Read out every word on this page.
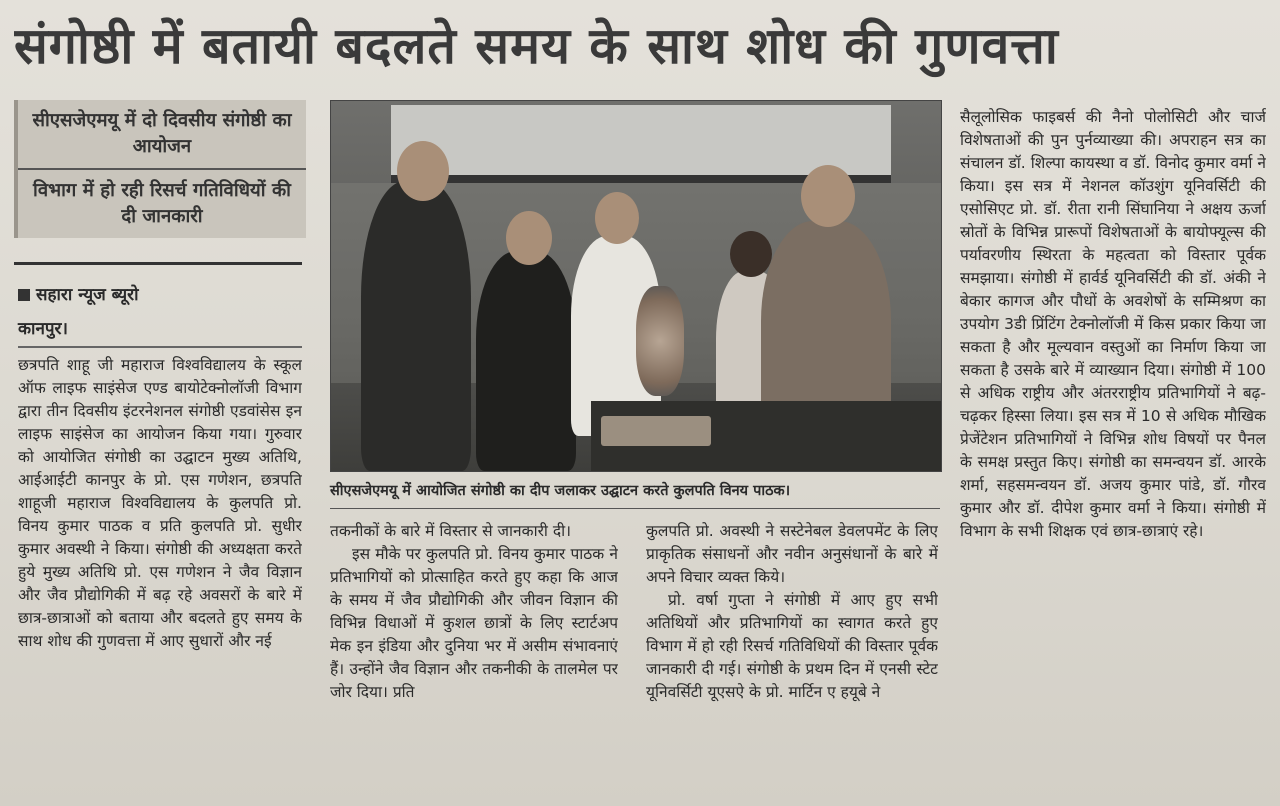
संगोष्ठी में बतायी बदलते समय के साथ शोध की गुणवत्ता
सीएसजेएमयू में दो दिवसीय संगोष्ठी का आयोजन
विभाग में हो रही रिसर्च गतिविधियों की दी जानकारी
सहारा न्यूज ब्यूरो
कानपुर।

छत्रपति शाहू जी महाराज विश्वविद्यालय के स्कूल ऑफ लाइफ साइंसेज एण्ड बायोटेक्नोलॉजी विभाग द्वारा तीन दिवसीय इंटरनेशनल संगोष्ठी एडवांसेस इन लाइफ साइंसेज का आयोजन किया गया। गुरुवार को आयोजित संगोष्ठी का उद्घाटन मुख्य अतिथि, आईआईटी कानपुर के प्रो. एस गणेशन, छत्रपति शाहूजी महाराज विश्वविद्यालय के कुलपति प्रो. विनय कुमार पाठक व प्रति कुलपति प्रो. सुधीर कुमार अवस्थी ने किया। संगोष्ठी की अध्यक्षता करते हुये मुख्य अतिथि प्रो. एस गणेशन ने जैव विज्ञान और जैव प्रौद्योगिकी में बढ़ रहे अवसरों के बारे में छात्र-छात्राओं को बताया और बदलते हुए समय के साथ शोध की गुणवत्ता में आए सुधारों और नई

सीएसजेएमयू में आयोजित संगोष्ठी का दीप जलाकर उद्घाटन करते कुलपति विनय पाठक।

तकनीकों के बारे में विस्तार से जानकारी दी।

इस मौके पर कुलपति प्रो. विनय कुमार पाठक ने प्रतिभागियों को प्रोत्साहित करते हुए कहा कि आज के समय में जैव प्रौद्योगिकी और जीवन विज्ञान की विभिन्न विधाओं में कुशल छात्रों के लिए स्टार्टअप मेक इन इंडिया और दुनिया भर में असीम संभावनाएं हैं। उन्होंने जैव विज्ञान और तकनीकी के तालमेल पर जोर दिया। प्रति

कुलपति प्रो. अवस्थी ने सस्टेनेबल डेवलपमेंट के लिए प्राकृतिक संसाधनों और नवीन अनुसंधानों के बारे में अपने विचार व्यक्त किये।

प्रो. वर्षा गुप्ता ने संगोष्ठी में आए हुए सभी अतिथियों और प्रतिभागियों का स्वागत करते हुए विभाग में हो रही रिसर्च गतिविधियों की विस्तार पूर्वक जानकारी दी गई। संगोष्ठी के प्रथम दिन में एनसी स्टेट यूनिवर्सिटी यूएसऐ के प्रो. मार्टिन ए हयूबे ने

सैलूलोसिक फाइबर्स की नैनो पोलोसिटी और चार्ज विशेषताओं की पुन पुर्नव्याख्या की। अपराहन सत्र का संचालन डॉ. शिल्पा कायस्था व डॉ. विनोद कुमार वर्मा ने किया। इस सत्र में नेशनल कॉउशुंग यूनिवर्सिटी की एसोसिएट प्रो. डॉ. रीता रानी सिंघानिया ने अक्षय ऊर्जा स्रोतों के विभिन्न प्रारूपों विशेषताओं के बायोफ्यूल्स की पर्यावरणीय स्थिरता के महत्वता को विस्तार पूर्वक समझाया। संगोष्ठी में हार्वर्ड यूनिवर्सिटी की डॉ. अंकी ने बेकार कागज और पौधों के अवशेषों के सम्मिश्रण का उपयोग 3डी प्रिंटिंग टेक्नोलॉजी में किस प्रकार किया जा सकता है और मूल्यवान वस्तुओं का निर्माण किया जा सकता है उसके बारे में व्याख्यान दिया। संगोष्ठी में 100 से अधिक राष्ट्रीय और अंतरराष्ट्रीय प्रतिभागियों ने बढ़-चढ़कर हिस्सा लिया। इस सत्र में 10 से अधिक मौखिक प्रेजेंटेशन प्रतिभागियों ने विभिन्न शोध विषयों पर पैनल के समक्ष प्रस्तुत किए। संगोष्ठी का समन्वयन डॉ. आरके शर्मा, सहसमन्वयन डॉ. अजय कुमार पांडे, डॉ. गौरव कुमार और डॉ. दीपेश कुमार वर्मा ने किया। संगोष्ठी में विभाग के सभी शिक्षक एवं छात्र-छात्राएं रहे।
